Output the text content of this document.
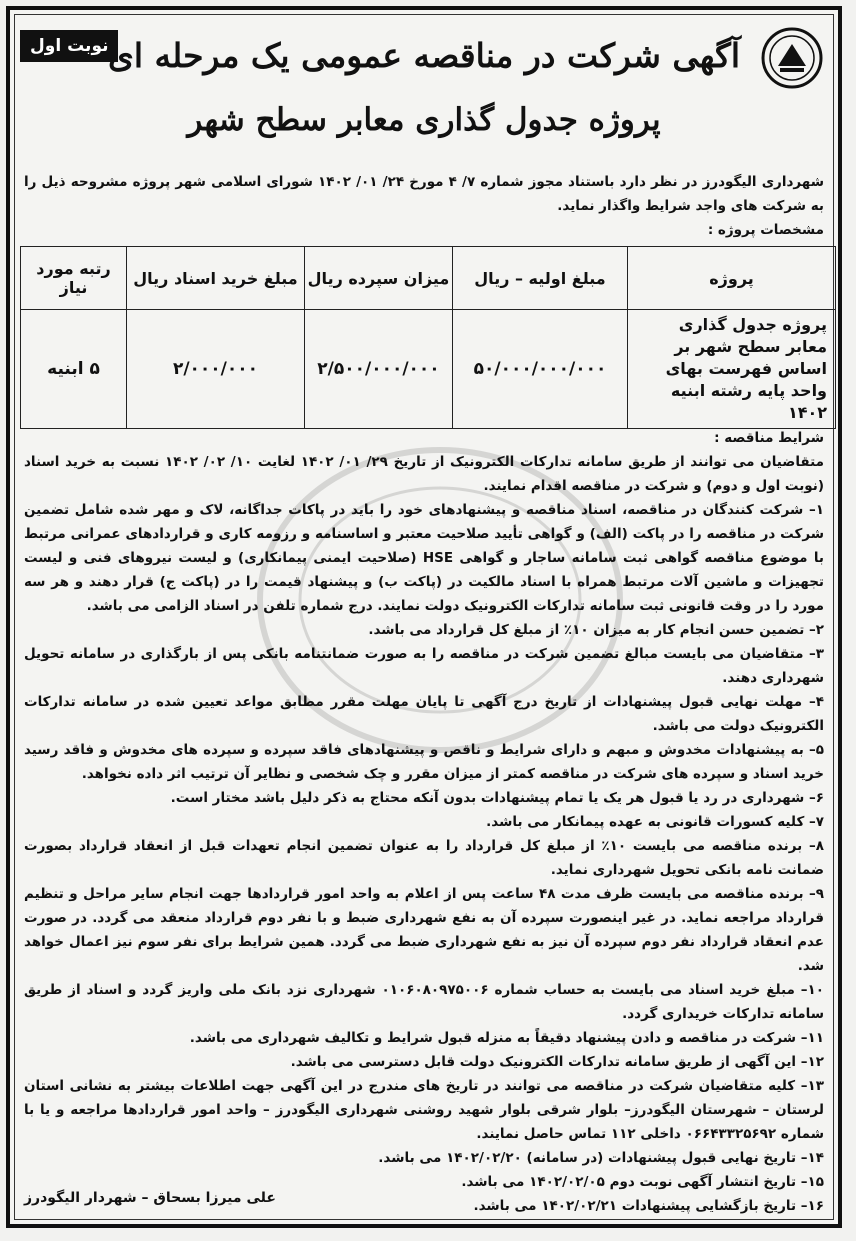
نوبت اول آگهی شرکت در مناقصه عمومی یک مرحله ای
پروژه جدول گذاری معابر سطح شهر
شهرداری الیگودرز در نظر دارد باستناد مجوز شماره ۷/ ۴ مورخ ۲۴/ ۰۱/ ۱۴۰۲ شورای اسلامی شهر پروژه مشروحه ذیل را به شرکت های واجد شرایط واگذار نماید.
مشخصات پروژه :
پروژه	مبلغ اولیه – ریال	میزان سپرده ریال	مبلغ خرید اسناد ریال	رتبه مورد نیاز
پروژه جدول گذاری معابر سطح شهر بر اساس فهرست بهای واحد پایه رشته ابنیه ۱۴۰۲	۵۰/۰۰۰/۰۰۰/۰۰۰	۲/۵۰۰/۰۰۰/۰۰۰	۲/۰۰۰/۰۰۰	۵ ابنیه

شرایط مناقصه :

متقاضیان می توانند از طریق سامانه تدارکات الکترونیک از تاریخ ۲۹/ ۰۱/ ۱۴۰۲ لغایت ۱۰/ ۰۲/ ۱۴۰۲ نسبت به خرید اسناد (نوبت اول و دوم) و شرکت در مناقصه اقدام نمایند.

۱– شرکت کنندگان در مناقصه، اسناد مناقصه و پیشنهادهای خود را باید در پاکات جداگانه، لاک و مهر شده شامل تضمین شرکت در مناقصه را در پاکت (الف) و گواهی تأیید صلاحیت معتبر و اساسنامه و رزومه کاری و قراردادهای عمرانی مرتبط با موضوع مناقصه گواهی ثبت سامانه ساجار و گواهی HSE (صلاحیت ایمنی پیمانکاری) و لیست نیروهای فنی و لیست تجهیزات و ماشین آلات مرتبط همراه با اسناد مالکیت در (پاکت ب) و پیشنهاد قیمت را در (پاکت ج) قرار دهند و هر سه مورد را در وقت قانونی ثبت سامانه تدارکات الکترونیک دولت نمایند. درج شماره تلفن در اسناد الزامی می باشد.

۲– تضمین حسن انجام کار به میزان ۱۰٪ از مبلغ کل قرارداد می باشد.

۳– متقاضیان می بایست مبالغ تضمین شرکت در مناقصه را به صورت ضمانتنامه بانکی پس از بارگذاری در سامانه تحویل شهرداری دهند.

۴– مهلت نهایی قبول پیشنهادات از تاریخ درج آگهی تا پایان مهلت مقرر مطابق مواعد تعیین شده در سامانه تدارکات الکترونیک دولت می باشد.

۵– به پیشنهادات مخدوش و مبهم و دارای شرایط و ناقص و پیشنهادهای فاقد سپرده و سپرده های مخدوش و فاقد رسید خرید اسناد و سپرده های شرکت در مناقصه کمتر از میزان مقرر و چک شخصی و نظایر آن ترتیب اثر داده نخواهد.

۶– شهرداری در رد یا قبول هر یک یا تمام پیشنهادات بدون آنکه محتاج به ذکر دلیل باشد مختار است.

۷– کلیه کسورات قانونی به عهده پیمانکار می باشد.

۸– برنده مناقصه می بایست ۱۰٪ از مبلغ کل قرارداد را به عنوان تضمین انجام تعهدات قبل از انعقاد قرارداد بصورت ضمانت نامه بانکی تحویل شهرداری نماید.

۹– برنده مناقصه می بایست ظرف مدت ۴۸ ساعت پس از اعلام به واحد امور قراردادها جهت انجام سایر مراحل و تنظیم قرارداد مراجعه نماید. در غیر اینصورت سپرده آن به نفع شهرداری ضبط و با نفر دوم قرارداد منعقد می گردد. در صورت عدم انعقاد قرارداد نفر دوم سپرده آن نیز به نفع شهرداری ضبط می گردد. همین شرایط برای نفر سوم نیز اعمال خواهد شد.

۱۰– مبلغ خرید اسناد می بایست به حساب شماره ۰۱۰۶۰۸۰۹۷۵۰۰۶ شهرداری نزد بانک ملی واریز گردد و اسناد از طریق سامانه تدارکات خریداری گردد.

۱۱– شرکت در مناقصه و دادن پیشنهاد دقیقاً به منزله قبول شرایط و تکالیف شهرداری می باشد.

۱۲– این آگهی از طریق سامانه تدارکات الکترونیک دولت قابل دسترسی می باشد.

۱۳– کلیه متقاضیان شرکت در مناقصه می توانند در تاریخ های مندرج در این آگهی جهت اطلاعات بیشتر به نشانی استان لرستان – شهرستان الیگودرز– بلوار شرقی بلوار شهید روشنی شهرداری الیگودرز – واحد امور قراردادها مراجعه و یا با شماره ۰۶۶۴۳۳۲۵۶۹۲ داخلی ۱۱۲ تماس حاصل نمایند.

۱۴– تاریخ نهایی قبول پیشنهادات (در سامانه) ۱۴۰۲/۰۲/۲۰ می باشد.

۱۵– تاریخ انتشار آگهی نوبت دوم ۱۴۰۲/۰۲/۰۵ می باشد.

۱۶– تاریخ بازگشایی پیشنهادات ۱۴۰۲/۰۲/۲۱ می باشد.

علی میرزا بسحاق – شهردار الیگودرز
